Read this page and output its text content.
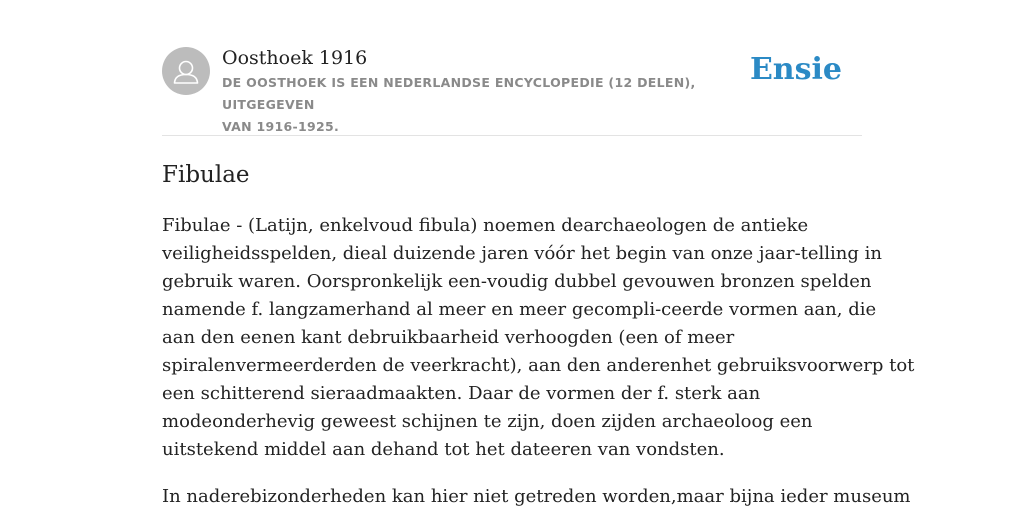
Oosthoek 1916
DE OOSTHOEK IS EEN NEDERLANDSE ENCYCLOPEDIE (12 DELEN), UITGEGEVEN
VAN 1916-1925.
Ensie
Fibulae

Fibulae - (Latijn, enkelvoud fibula) noemen dearchaeologen de antieke
veiligheidsspelden, dieal duizende jaren vóór het begin van onze jaar-telling in
gebruik waren. Oorspronkelijk een-voudig dubbel gevouwen bronzen spelden
namende f. langzamerhand al meer en meer gecompli-ceerde vormen aan, die
aan den eenen kant debruikbaarheid verhoogden (een of meer
spiralenvermeerderden de veerkracht), aan den anderenhet gebruiksvoorwerp tot
een schitterend sieraadmaakten. Daar de vormen der f. sterk aan
modeonderhevig geweest schijnen te zijn, doen zijden archaeoloog een
uitstekend middel aan dehand tot het dateeren van vondsten.

In naderebizonderheden kan hier niet getreden worden,maar bijna ieder museum
